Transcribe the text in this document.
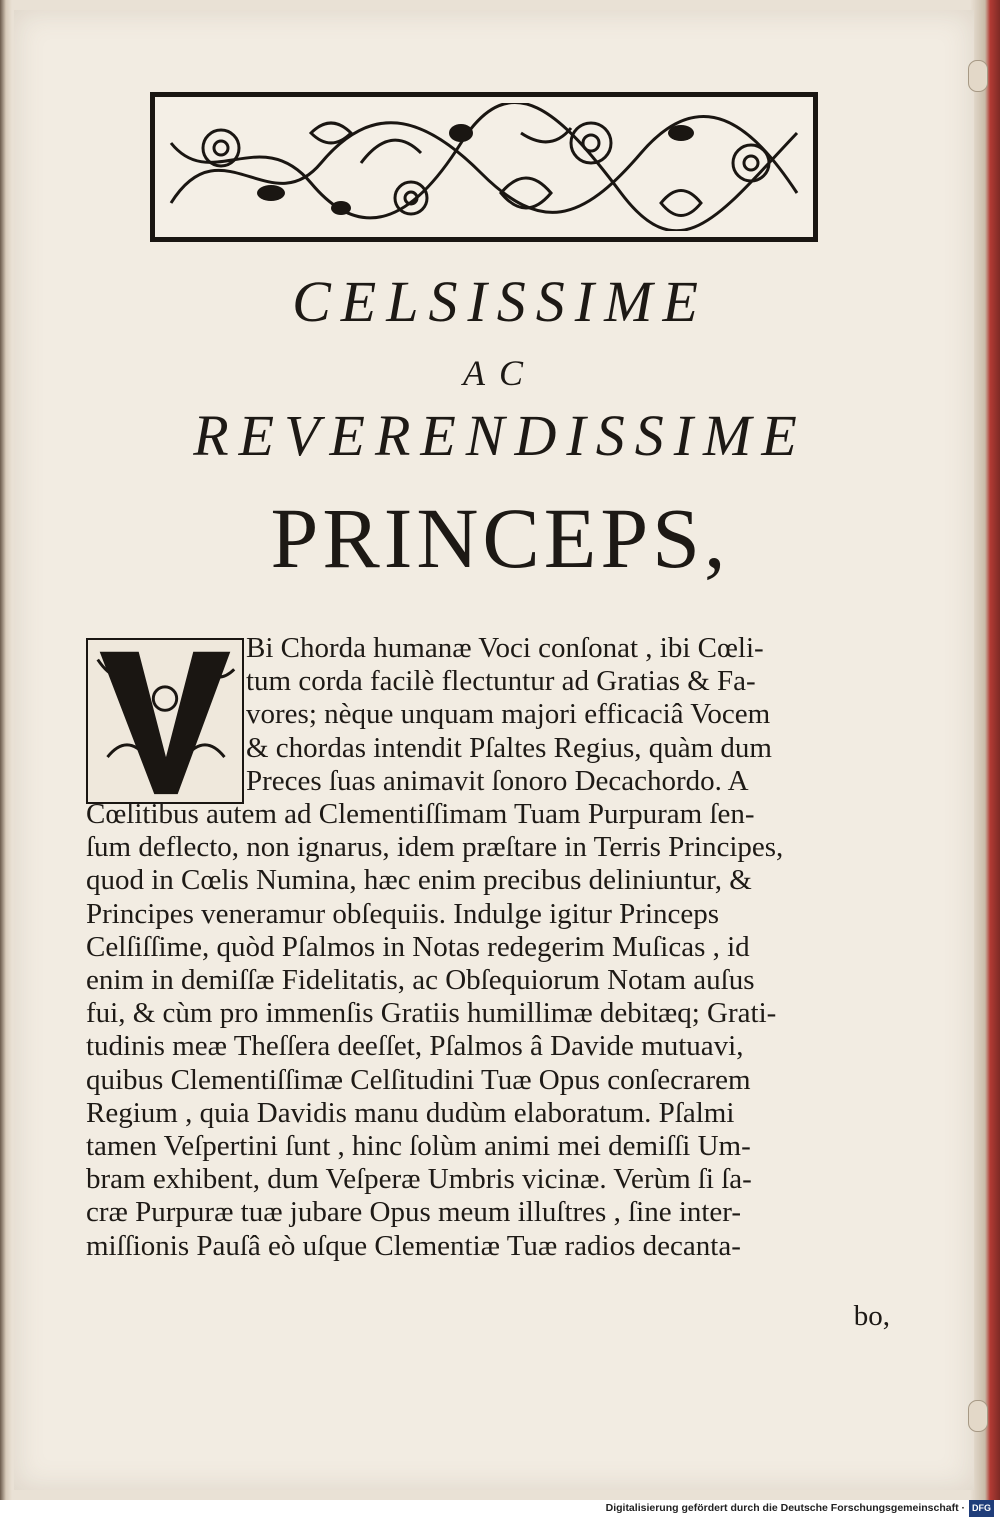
CELSISSIME
AC
REVERENDISSIME
PRINCEPS,
Bi Chorda humanæ Voci conſonat , ibi Cœli-
tum corda facilè flectuntur ad Gratias & Fa-
vores; nèque unquam majori efficaciâ Vocem
& chordas intendit Pſaltes Regius, quàm dum
Preces ſuas animavit ſonoro Decachordo. A
Cœlitibus autem ad Clementiſſimam Tuam Purpuram ſen-
ſum deflecto, non ignarus, idem præſtare in Terris Principes,
quod in Cœlis Numina, hæc enim precibus deliniuntur, &
Principes veneramur obſequiis. Indulge igitur Princeps
Celſiſſime, quòd Pſalmos in Notas redegerim Muſicas , id
enim in demiſſæ Fidelitatis, ac Obſequiorum Notam auſus
fui, & cùm pro immenſis Gratiis humillimæ debitæq; Grati-
tudinis meæ Theſſera deeſſet, Pſalmos â Davide mutuavi,
quibus Clementiſſimæ Celſitudini Tuæ Opus conſecrarem
Regium , quia Davidis manu dudùm elaboratum. Pſalmi
tamen Veſpertini ſunt , hinc ſolùm animi mei demiſſi Um-
bram exhibent, dum Veſperæ Umbris vicinæ. Verùm ſi ſa-
cræ Purpuræ tuæ jubare Opus meum illuſtres , ſine inter-
miſſionis Pauſâ eò uſque Clementiæ Tuæ radios decanta-
bo,
Digitalisierung gefördert durch die Deutsche Forschungsgemeinschaft · DFG
